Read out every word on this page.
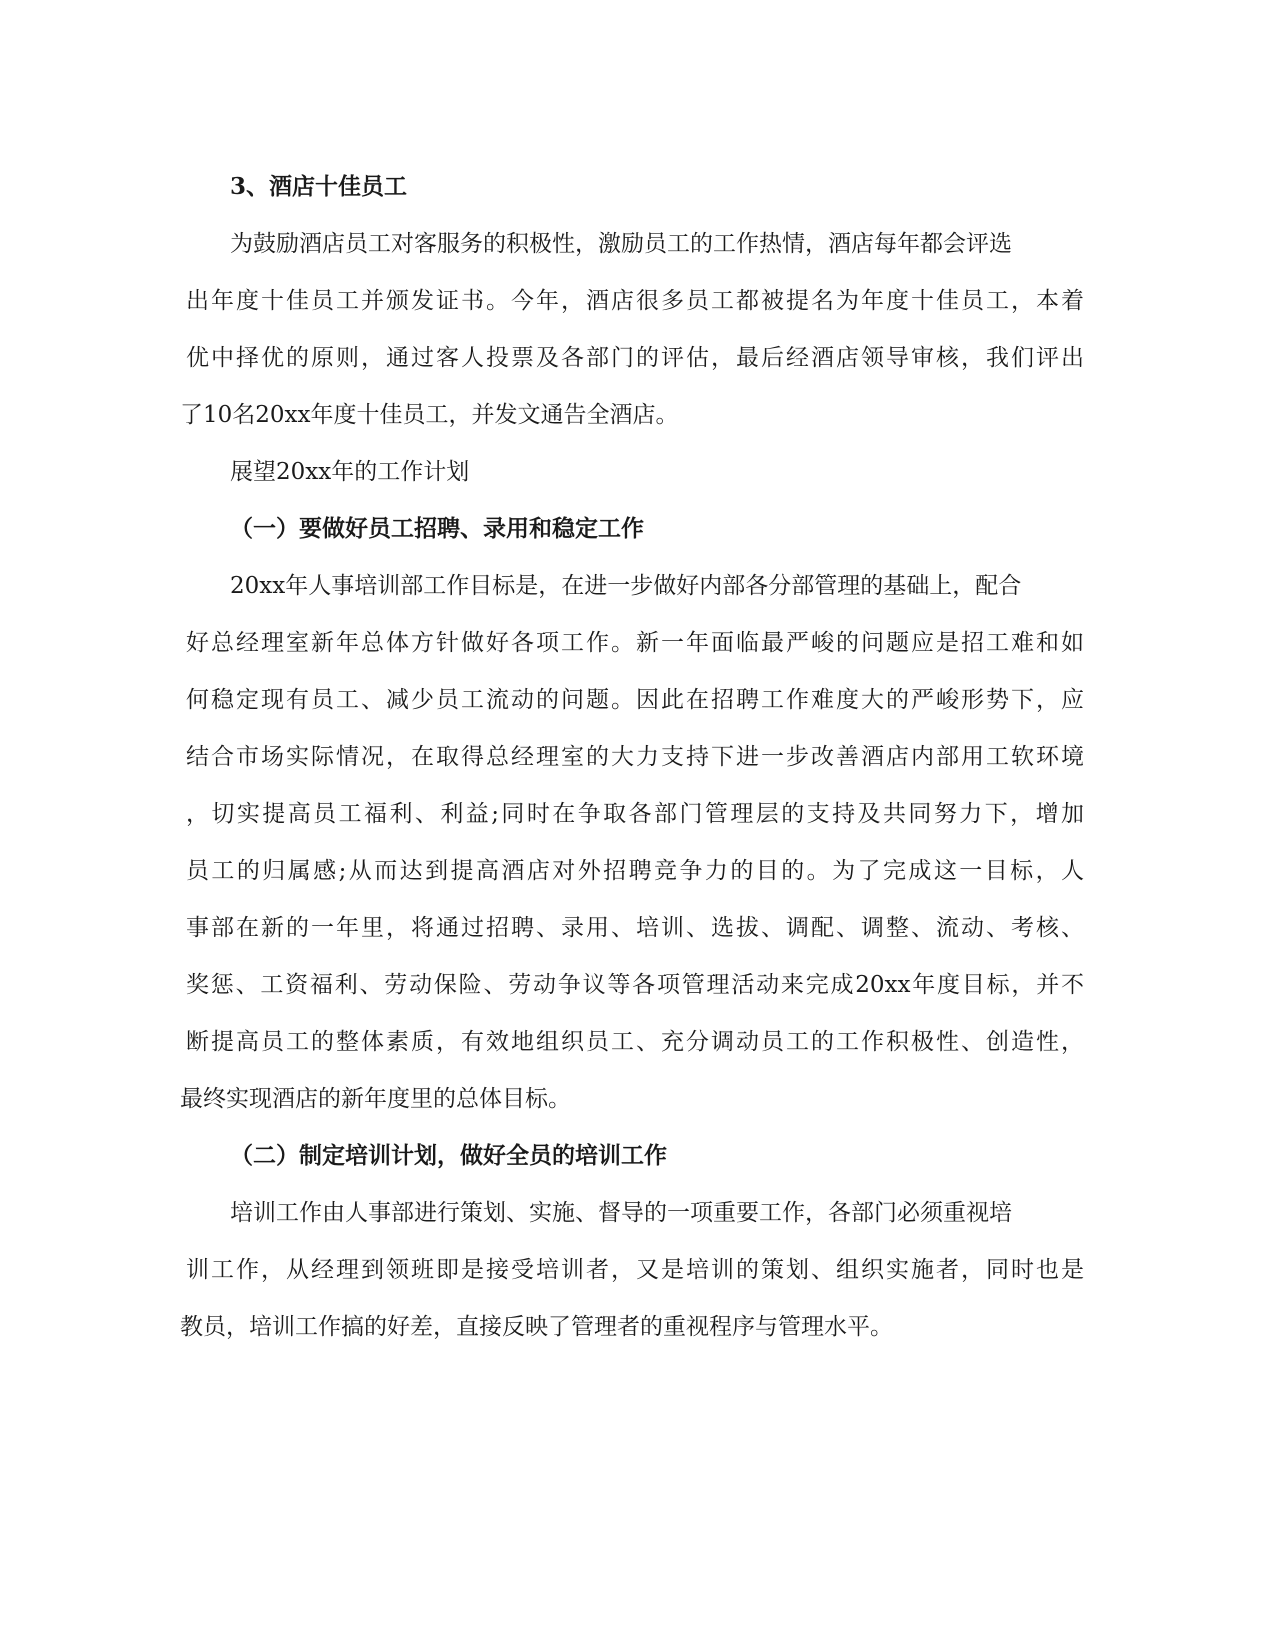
3、酒店十佳员工
为鼓励酒店员工对客服务的积极性，激励员工的工作热情，酒店每年都会评选
出年度十佳员工并颁发证书。今年，酒店很多员工都被提名为年度十佳员工，本着
优中择优的原则，通过客人投票及各部门的评估，最后经酒店领导审核，我们评出
了10名20xx年度十佳员工，并发文通告全酒店。
展望20xx年的工作计划
（一）要做好员工招聘、录用和稳定工作
20xx年人事培训部工作目标是，在进一步做好内部各分部管理的基础上，配合
好总经理室新年总体方针做好各项工作。新一年面临最严峻的问题应是招工难和如
何稳定现有员工、减少员工流动的问题。因此在招聘工作难度大的严峻形势下，应
结合市场实际情况，在取得总经理室的大力支持下进一步改善酒店内部用工软环境
，切实提高员工福利、利益;同时在争取各部门管理层的支持及共同努力下，增加
员工的归属感;从而达到提高酒店对外招聘竞争力的目的。为了完成这一目标，人
事部在新的一年里，将通过招聘、录用、培训、选拔、调配、调整、流动、考核、
奖惩、工资福利、劳动保险、劳动争议等各项管理活动来完成20xx年度目标，并不
断提高员工的整体素质，有效地组织员工、充分调动员工的工作积极性、创造性，
最终实现酒店的新年度里的总体目标。
（二）制定培训计划，做好全员的培训工作
培训工作由人事部进行策划、实施、督导的一项重要工作，各部门必须重视培
训工作，从经理到领班即是接受培训者，又是培训的策划、组织实施者，同时也是
教员，培训工作搞的好差，直接反映了管理者的重视程序与管理水平。
